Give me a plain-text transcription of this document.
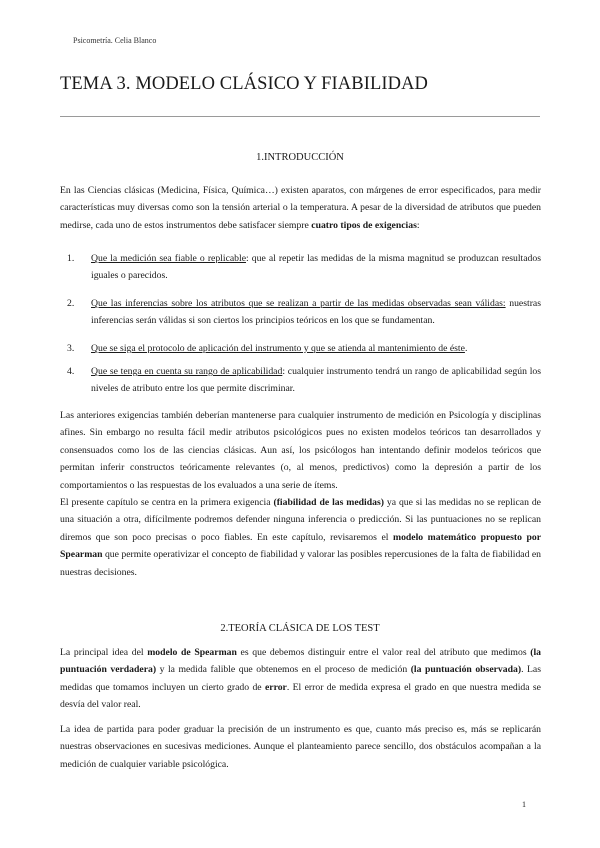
Psicometría. Celia Blanco
TEMA 3. MODELO CLÁSICO Y FIABILIDAD
1.INTRODUCCIÓN

En las Ciencias clásicas (Medicina, Física, Química…) existen aparatos, con márgenes de error especificados, para medir características muy diversas como son la tensión arterial o la temperatura. A pesar de la diversidad de atributos que pueden medirse, cada uno de estos instrumentos debe satisfacer siempre cuatro tipos de exigencias:

1. Que la medición sea fiable o replicable: que al repetir las medidas de la misma magnitud se produzcan resultados iguales o parecidos.
2. Que las inferencias sobre los atributos que se realizan a partir de las medidas observadas sean válidas: nuestras inferencias serán válidas si son ciertos los principios teóricos en los que se fundamentan.
3. Que se siga el protocolo de aplicación del instrumento y que se atienda al mantenimiento de éste.
4. Que se tenga en cuenta su rango de aplicabilidad: cualquier instrumento tendrá un rango de aplicabilidad según los niveles de atributo entre los que permite discriminar.

Las anteriores exigencias también deberían mantenerse para cualquier instrumento de medición en Psicología y disciplinas afines. Sin embargo no resulta fácil medir atributos psicológicos pues no existen modelos teóricos tan desarrollados y consensuados como los de las ciencias clásicas. Aun así, los psicólogos han intentando definir modelos teóricos que permitan inferir constructos teóricamente relevantes (o, al menos, predictivos) como la depresión a partir de los comportamientos o las respuestas de los evaluados a una serie de ítems.

El presente capítulo se centra en la primera exigencia (fiabilidad de las medidas) ya que si las medidas no se replican de una situación a otra, difícilmente podremos defender ninguna inferencia o predicción. Si las puntuaciones no se replican diremos que son poco precisas o poco fiables. En este capítulo, revisaremos el modelo matemático propuesto por Spearman que permite operativizar el concepto de fiabilidad y valorar las posibles repercusiones de la falta de fiabilidad en nuestras decisiones.

2.TEORÍA CLÁSICA DE LOS TEST

La principal idea del modelo de Spearman es que debemos distinguir entre el valor real del atributo que medimos (la puntuación verdadera) y la medida falible que obtenemos en el proceso de medición (la puntuación observada). Las medidas que tomamos incluyen un cierto grado de error. El error de medida expresa el grado en que nuestra medida se desvía del valor real.

La idea de partida para poder graduar la precisión de un instrumento es que, cuanto más preciso es, más se replicarán nuestras observaciones en sucesivas mediciones. Aunque el planteamiento parece sencillo, dos obstáculos acompañan a la medición de cualquier variable psicológica.

1
